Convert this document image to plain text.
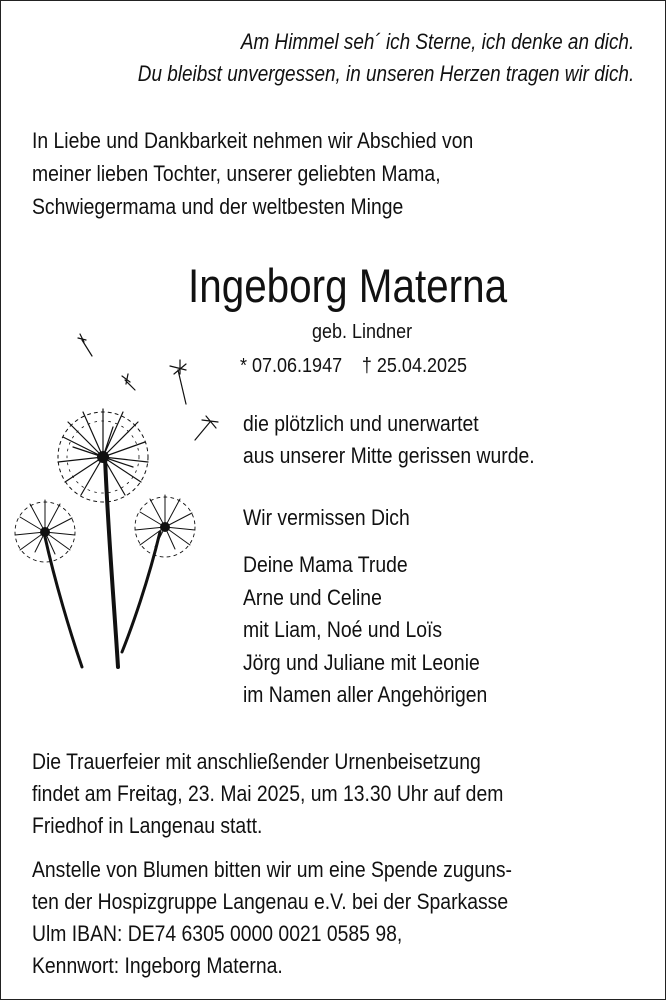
Am Himmel seh´ ich Sterne, ich denke an dich.
Du bleibst unvergessen, in unseren Herzen tragen wir dich.
In Liebe und Dankbarkeit nehmen wir Abschied von
meiner lieben Tochter, unserer geliebten Mama,
Schwiegermama und der weltbesten Minge
Ingeborg Materna
geb. Lindner
* 07.06.1947 † 25.04.2025
die plötzlich und unerwartet
aus unserer Mitte gerissen wurde.
Wir vermissen Dich
Deine Mama Trude
Arne und Celine
mit Liam, Noé und Loïs
Jörg und Juliane mit Leonie
im Namen aller Angehörigen
Die Trauerfeier mit anschließender Urnenbeisetzung
findet am Freitag, 23. Mai 2025, um 13.30 Uhr auf dem
Friedhof in Langenau statt.
Anstelle von Blumen bitten wir um eine Spende zuguns-
ten der Hospizgruppe Langenau e.V. bei der Sparkasse
Ulm IBAN: DE74 6305 0000 0021 0585 98,
Kennwort: Ingeborg Materna.
